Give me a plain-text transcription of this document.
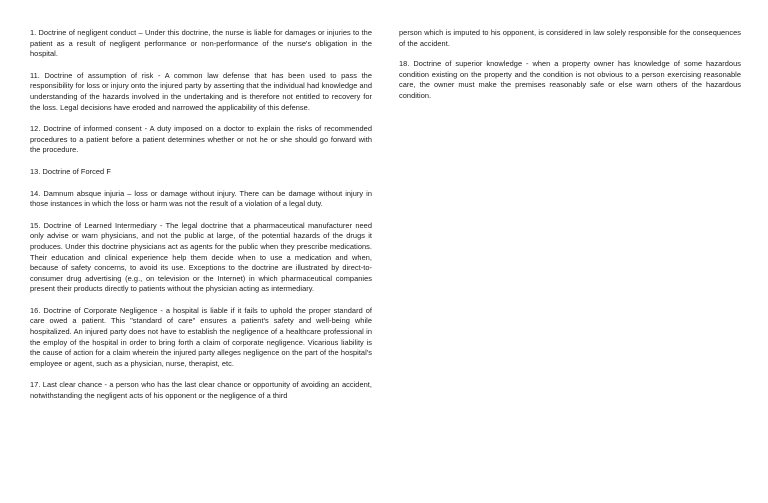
1. Doctrine of negligent conduct – Under this doctrine, the nurse is liable for damages or injuries to the patient as a result of negligent performance or non-performance of the nurse's obligation in the hospital.

11. Doctrine of assumption of risk - A common law defense that has been used to pass the responsibility for loss or injury onto the injured party by asserting that the individual had knowledge and understanding of the hazards involved in the undertaking and is therefore not entitled to recovery for the loss. Legal decisions have eroded and narrowed the applicability of this defense.

12. Doctrine of informed consent - A duty imposed on a doctor to explain the risks of recommended procedures to a patient before a patient determines whether or not he or she should go forward with the procedure.

13. Doctrine of Forced F

14. Damnum absque injuria – loss or damage without injury. There can be damage without injury in those instances in which the loss or harm was not the result of a violation of a legal duty.

15. Doctrine of Learned Intermediary - The legal doctrine that a pharmaceutical manufacturer need only advise or warn physicians, and not the public at large, of the potential hazards of the drugs it produces. Under this doctrine physicians act as agents for the public when they prescribe medications. Their education and clinical experience help them decide when to use a medication and when, because of safety concerns, to avoid its use. Exceptions to the doctrine are illustrated by direct-to-consumer drug advertising (e.g., on television or the Internet) in which pharmaceutical companies present their products directly to patients without the physician acting as intermediary.

16. Doctrine of Corporate Negligence - a hospital is liable if it fails to uphold the proper standard of care owed a patient. This "standard of care" ensures a patient's safety and well-being while hospitalized. An injured party does not have to establish the negligence of a healthcare professional in the employ of the hospital in order to bring forth a claim of corporate negligence. Vicarious liability is the cause of action for a claim wherein the injured party alleges negligence on the part of the hospital's employee or agent, such as a physician, nurse, therapist, etc.

17. Last clear chance - a person who has the last clear chance or opportunity of avoiding an accident, notwithstanding the negligent acts of his opponent or the negligence of a third

person which is imputed to his opponent, is considered in law solely responsible for the consequences of the accident.

18. Doctrine of superior knowledge - when a property owner has knowledge of some hazardous condition existing on the property and the condition is not obvious to a person exercising reasonable care, the owner must make the premises reasonably safe or else warn others of the hazardous condition.
